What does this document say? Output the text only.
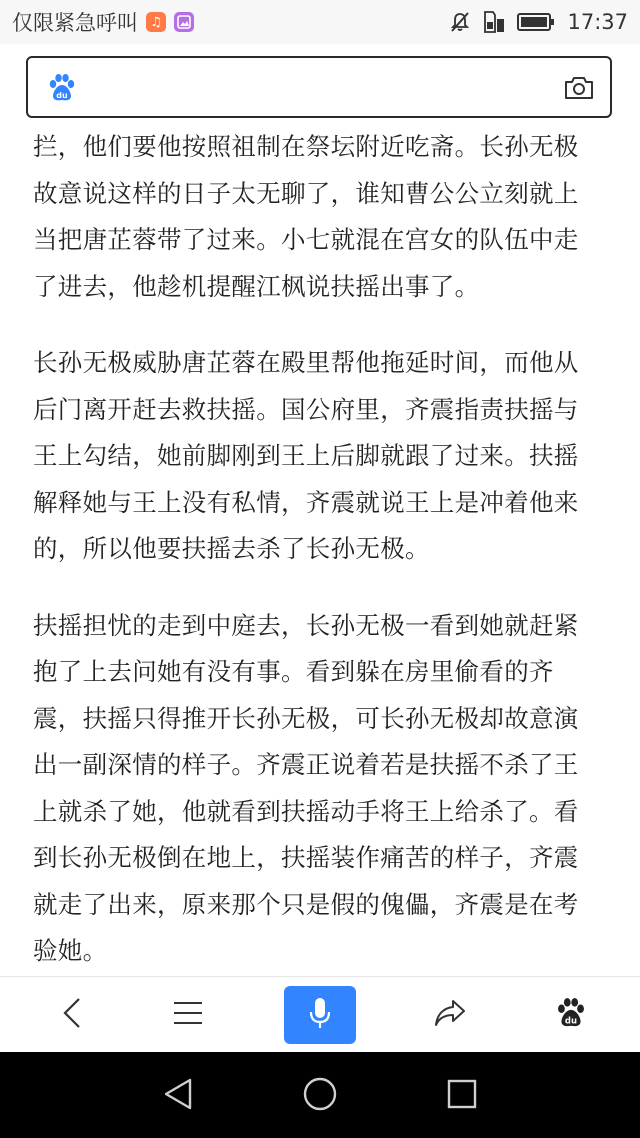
仅限紧急呼叫 ♫	17:37
du

拦，他们要他按照祖制在祭坛附近吃斋。长孙无极故意说这样的日子太无聊了，谁知曹公公立刻就上当把唐芷蓉带了过来。小七就混在宫女的队伍中走了进去，他趁机提醒江枫说扶摇出事了。

长孙无极威胁唐芷蓉在殿里帮他拖延时间，而他从后门离开赶去救扶摇。国公府里，齐震指责扶摇与王上勾结，她前脚刚到王上后脚就跟了过来。扶摇解释她与王上没有私情，齐震就说王上是冲着他来的，所以他要扶摇去杀了长孙无极。

扶摇担忧的走到中庭去，长孙无极一看到她就赶紧抱了上去问她有没有事。看到躲在房里偷看的齐震，扶摇只得推开长孙无极，可长孙无极却故意演出一副深情的样子。齐震正说着若是扶摇不杀了王上就杀了她，他就看到扶摇动手将王上给杀了。看到长孙无极倒在地上，扶摇装作痛苦的样子，齐震就走了出来，原来那个只是假的傀儡，齐震是在考验她。

du
